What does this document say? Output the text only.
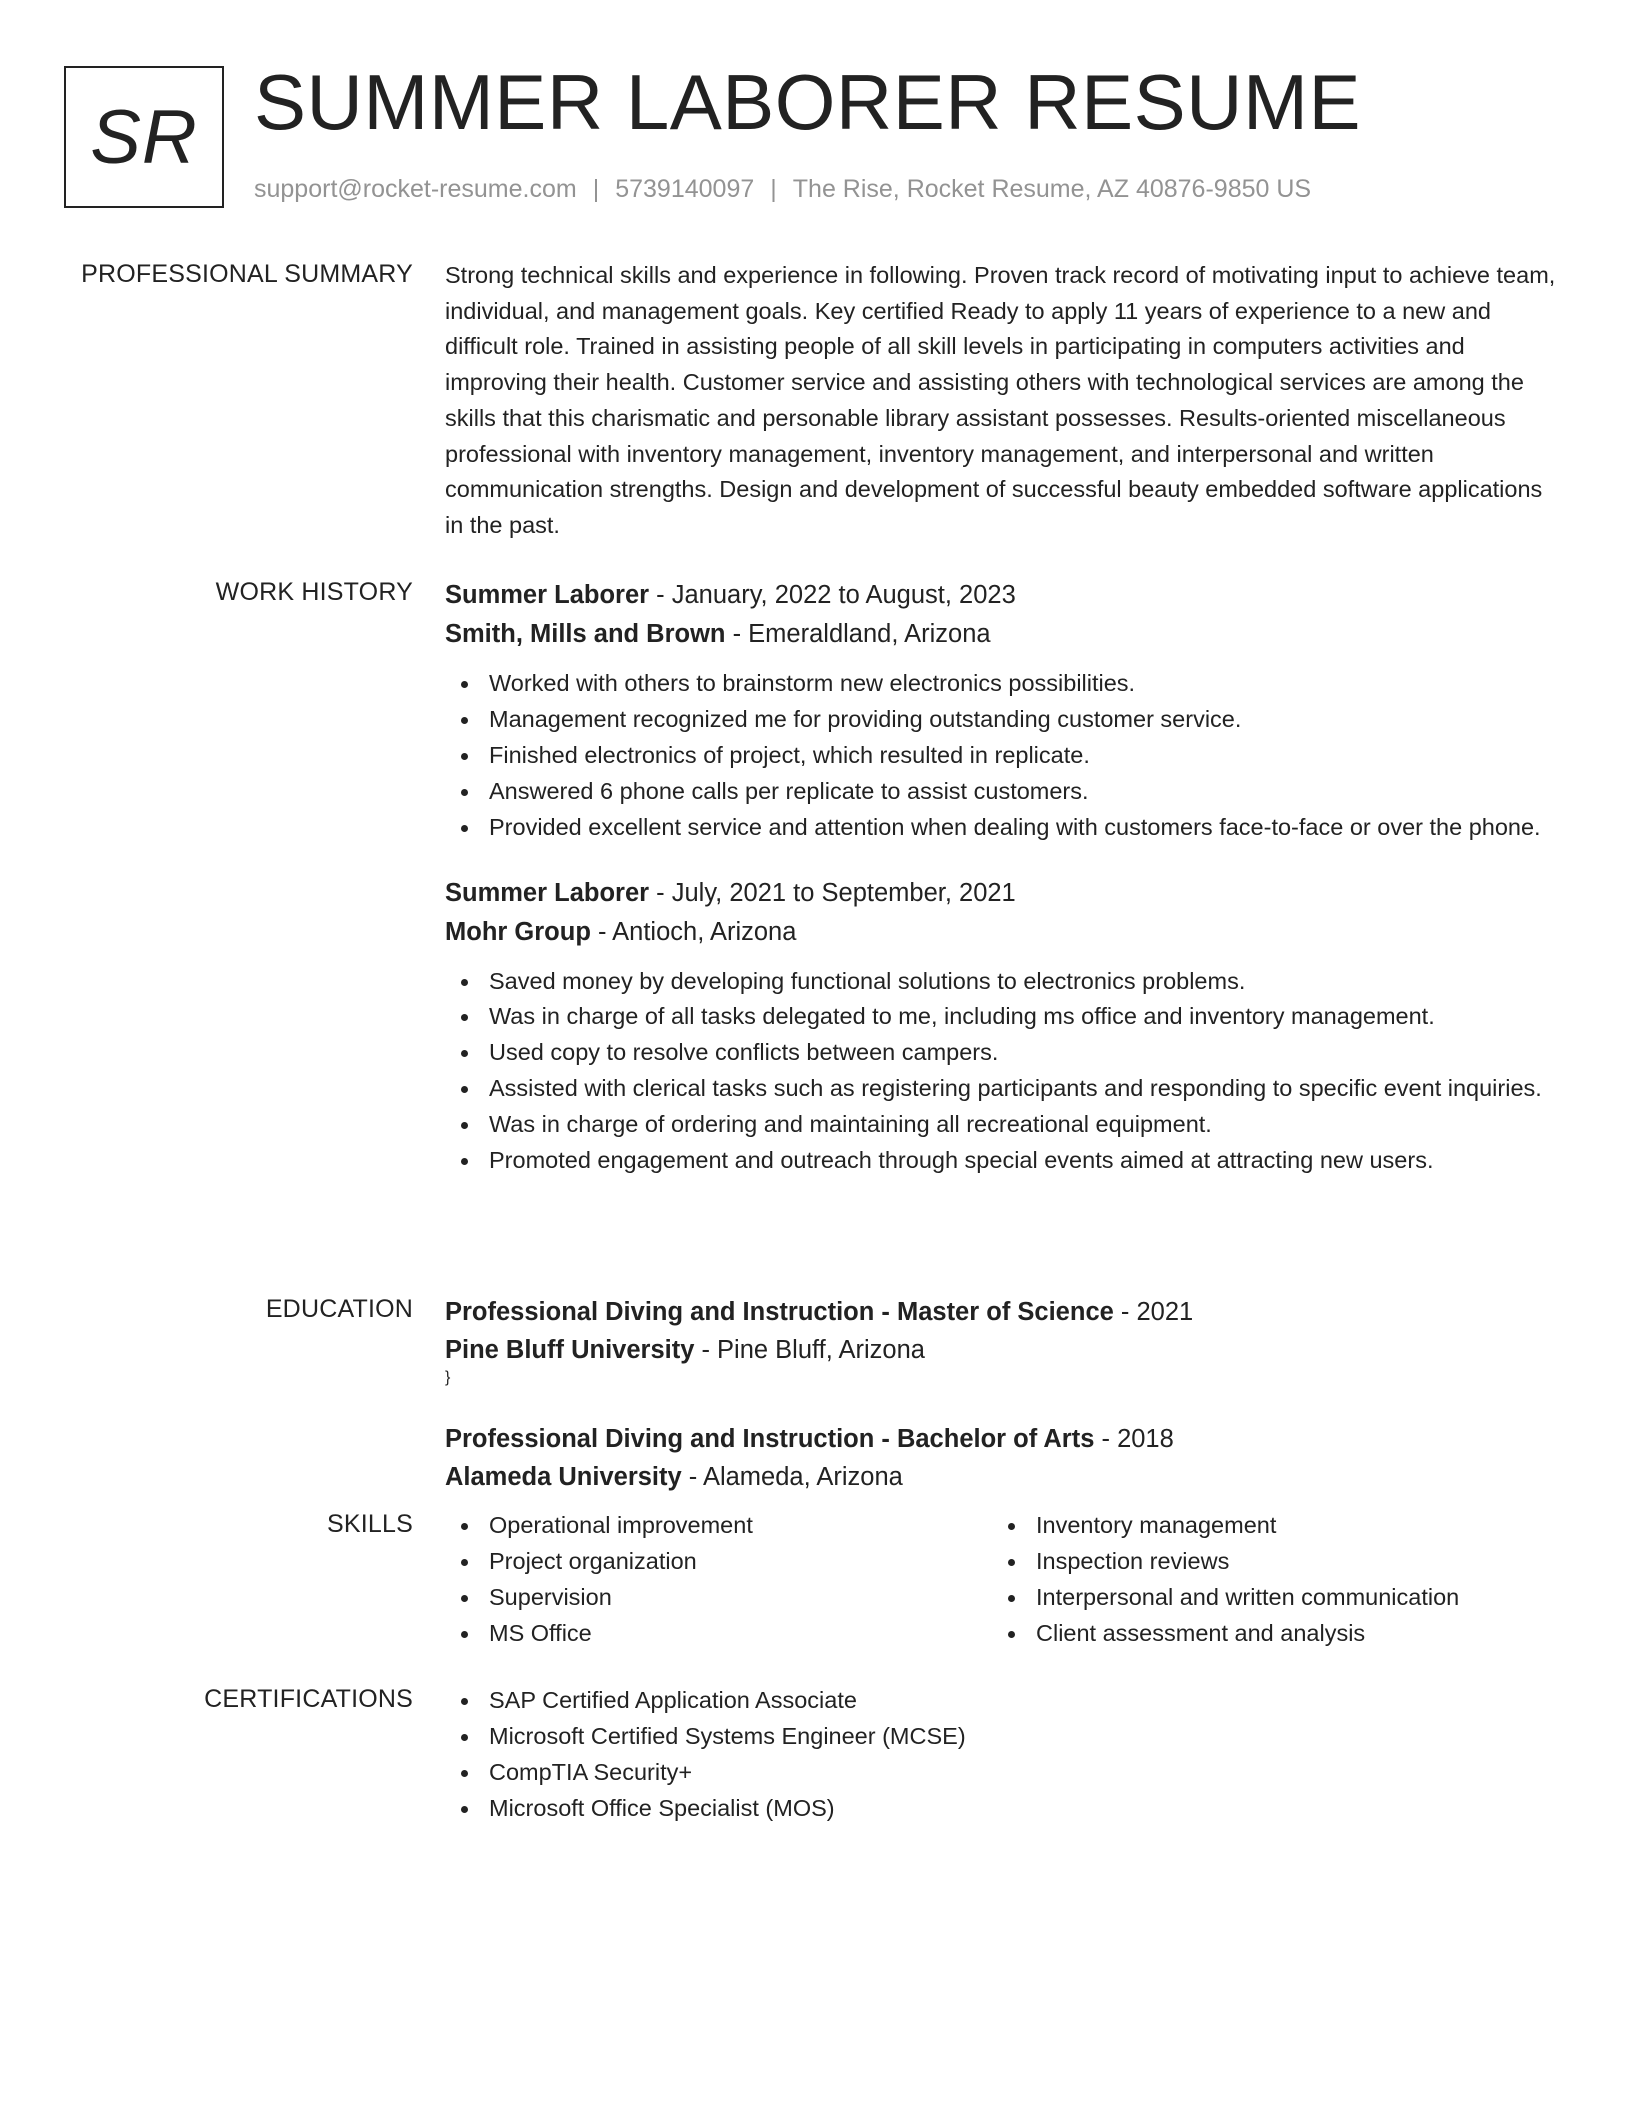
SR SUMMER LABORER RESUME
support@rocket-resume.com | 5739140097 | The Rise, Rocket Resume, AZ 40876-9850 US
PROFESSIONAL SUMMARY Strong technical skills and experience in following. Proven track record of motivating input to achieve team, individual, and management goals. Key certified Ready to apply 11 years of experience to a new and difficult role. Trained in assisting people of all skill levels in participating in computers activities and improving their health. Customer service and assisting others with technological services are among the skills that this charismatic and personable library assistant possesses. Results-oriented miscellaneous professional with inventory management, inventory management, and interpersonal and written communication strengths. Design and development of successful beauty embedded software applications in the past.

WORK HISTORY Summer Laborer - January, 2022 to August, 2023
Smith, Mills and Brown - Emeraldland, Arizona
Worked with others to brainstorm new electronics possibilities.
Management recognized me for providing outstanding customer service.
Finished electronics of project, which resulted in replicate.
Answered 6 phone calls per replicate to assist customers.
Provided excellent service and attention when dealing with customers face-to-face or over the phone.
Summer Laborer - July, 2021 to September, 2021
Mohr Group - Antioch, Arizona
Saved money by developing functional solutions to electronics problems.
Was in charge of all tasks delegated to me, including ms office and inventory management.
Used copy to resolve conflicts between campers.
Assisted with clerical tasks such as registering participants and responding to specific event inquiries.
Was in charge of ordering and maintaining all recreational equipment.
Promoted engagement and outreach through special events aimed at attracting new users.
EDUCATION Professional Diving and Instruction - Master of Science - 2021
Pine Bluff University - Pine Bluff, Arizona
}
Professional Diving and Instruction - Bachelor of Arts - 2018
Alameda University - Alameda, Arizona
SKILLS	Operational improvement
Project organization
Supervision
MS Office
Inventory management
Inspection reviews
Interpersonal and written communication
Client assessment and analysis
CERTIFICATIONS	SAP Certified Application Associate
Microsoft Certified Systems Engineer (MCSE)
CompTIA Security+
Microsoft Office Specialist (MOS)
